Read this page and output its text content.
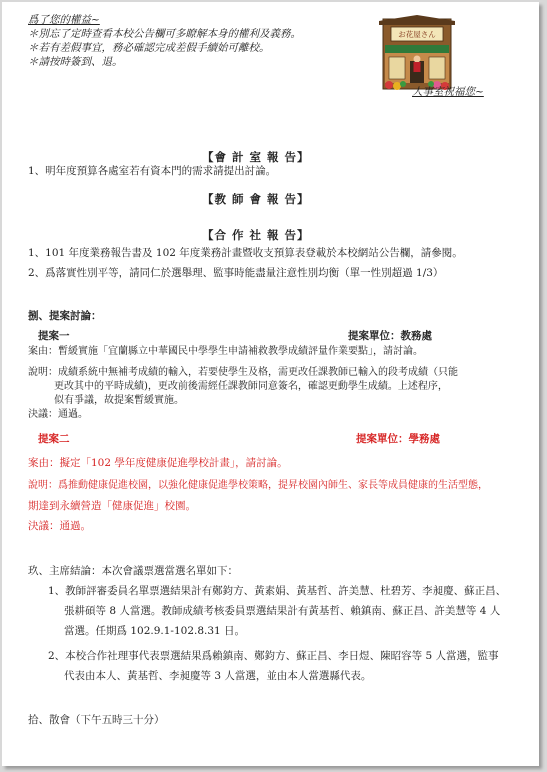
爲了您的權益~
＊別忘了定時查看本校公告欄可多瞭解本身的權利及義務。
＊若有差假事宜，務必確認完成差假手續始可離校。
＊請按時簽到、退。
お花屋さん
人事室祝福您~
【會 計 室 報 告】
1、明年度預算各處室若有資本門的需求請提出討論。
【教 師 會 報 告】
【合 作 社 報 告】
1、101 年度業務報告書及 102 年度業務計畫暨收支預算表登載於本校網站公告欄，請參閱。
2、爲落實性別平等，請同仁於選舉理、監事時能盡量注意性別均衡（單一性別超過 1/3）
捌、提案討論：
提案一	提案單位：教務處
案由：暫緩實施「宜蘭縣立中華國民中學學生申請補救教學成績評量作業要點」，請討論。
說明：成績系統中無補考成績的輸入，若要使學生及格，需更改任課教師已輸入的段考成績（只能
更改其中的平時成績)，更改前後需經任課教師同意簽名，確認更動學生成績。上述程序，
似有爭議，故提案暫緩實施。
決議：通過。
提案二	提案單位：學務處
案由：擬定「102 學年度健康促進學校計畫」，請討論。
說明：爲推動健康促進校園，以強化健康促進學校策略，提昇校園內師生、家長等成員健康的生活型態，
期達到永續營造「健康促進」校園。
決議：通過。
玖、主席結論：本次會議票選當選名單如下：
1、教師評審委員名單票選結果計有鄭鈞方、黃素娟、黃基哲、許美慧、杜碧芳、李昶慶、蘇正昌、
張耕碩等 8 人當選。教師成績考核委員票選結果計有黃基哲、賴鎮南、蘇正昌、許美慧等 4 人
當選。任期爲 102.9.1-102.8.31 日。
2、本校合作社理事代表票選結果爲賴鎮南、鄭鈞方、蘇正昌、李日煜、陳昭容等 5 人當選，監事
代表由本人、黃基哲、李昶慶等 3 人當選，並由本人當選縣代表。
拾、散會（下午五時三十分）
